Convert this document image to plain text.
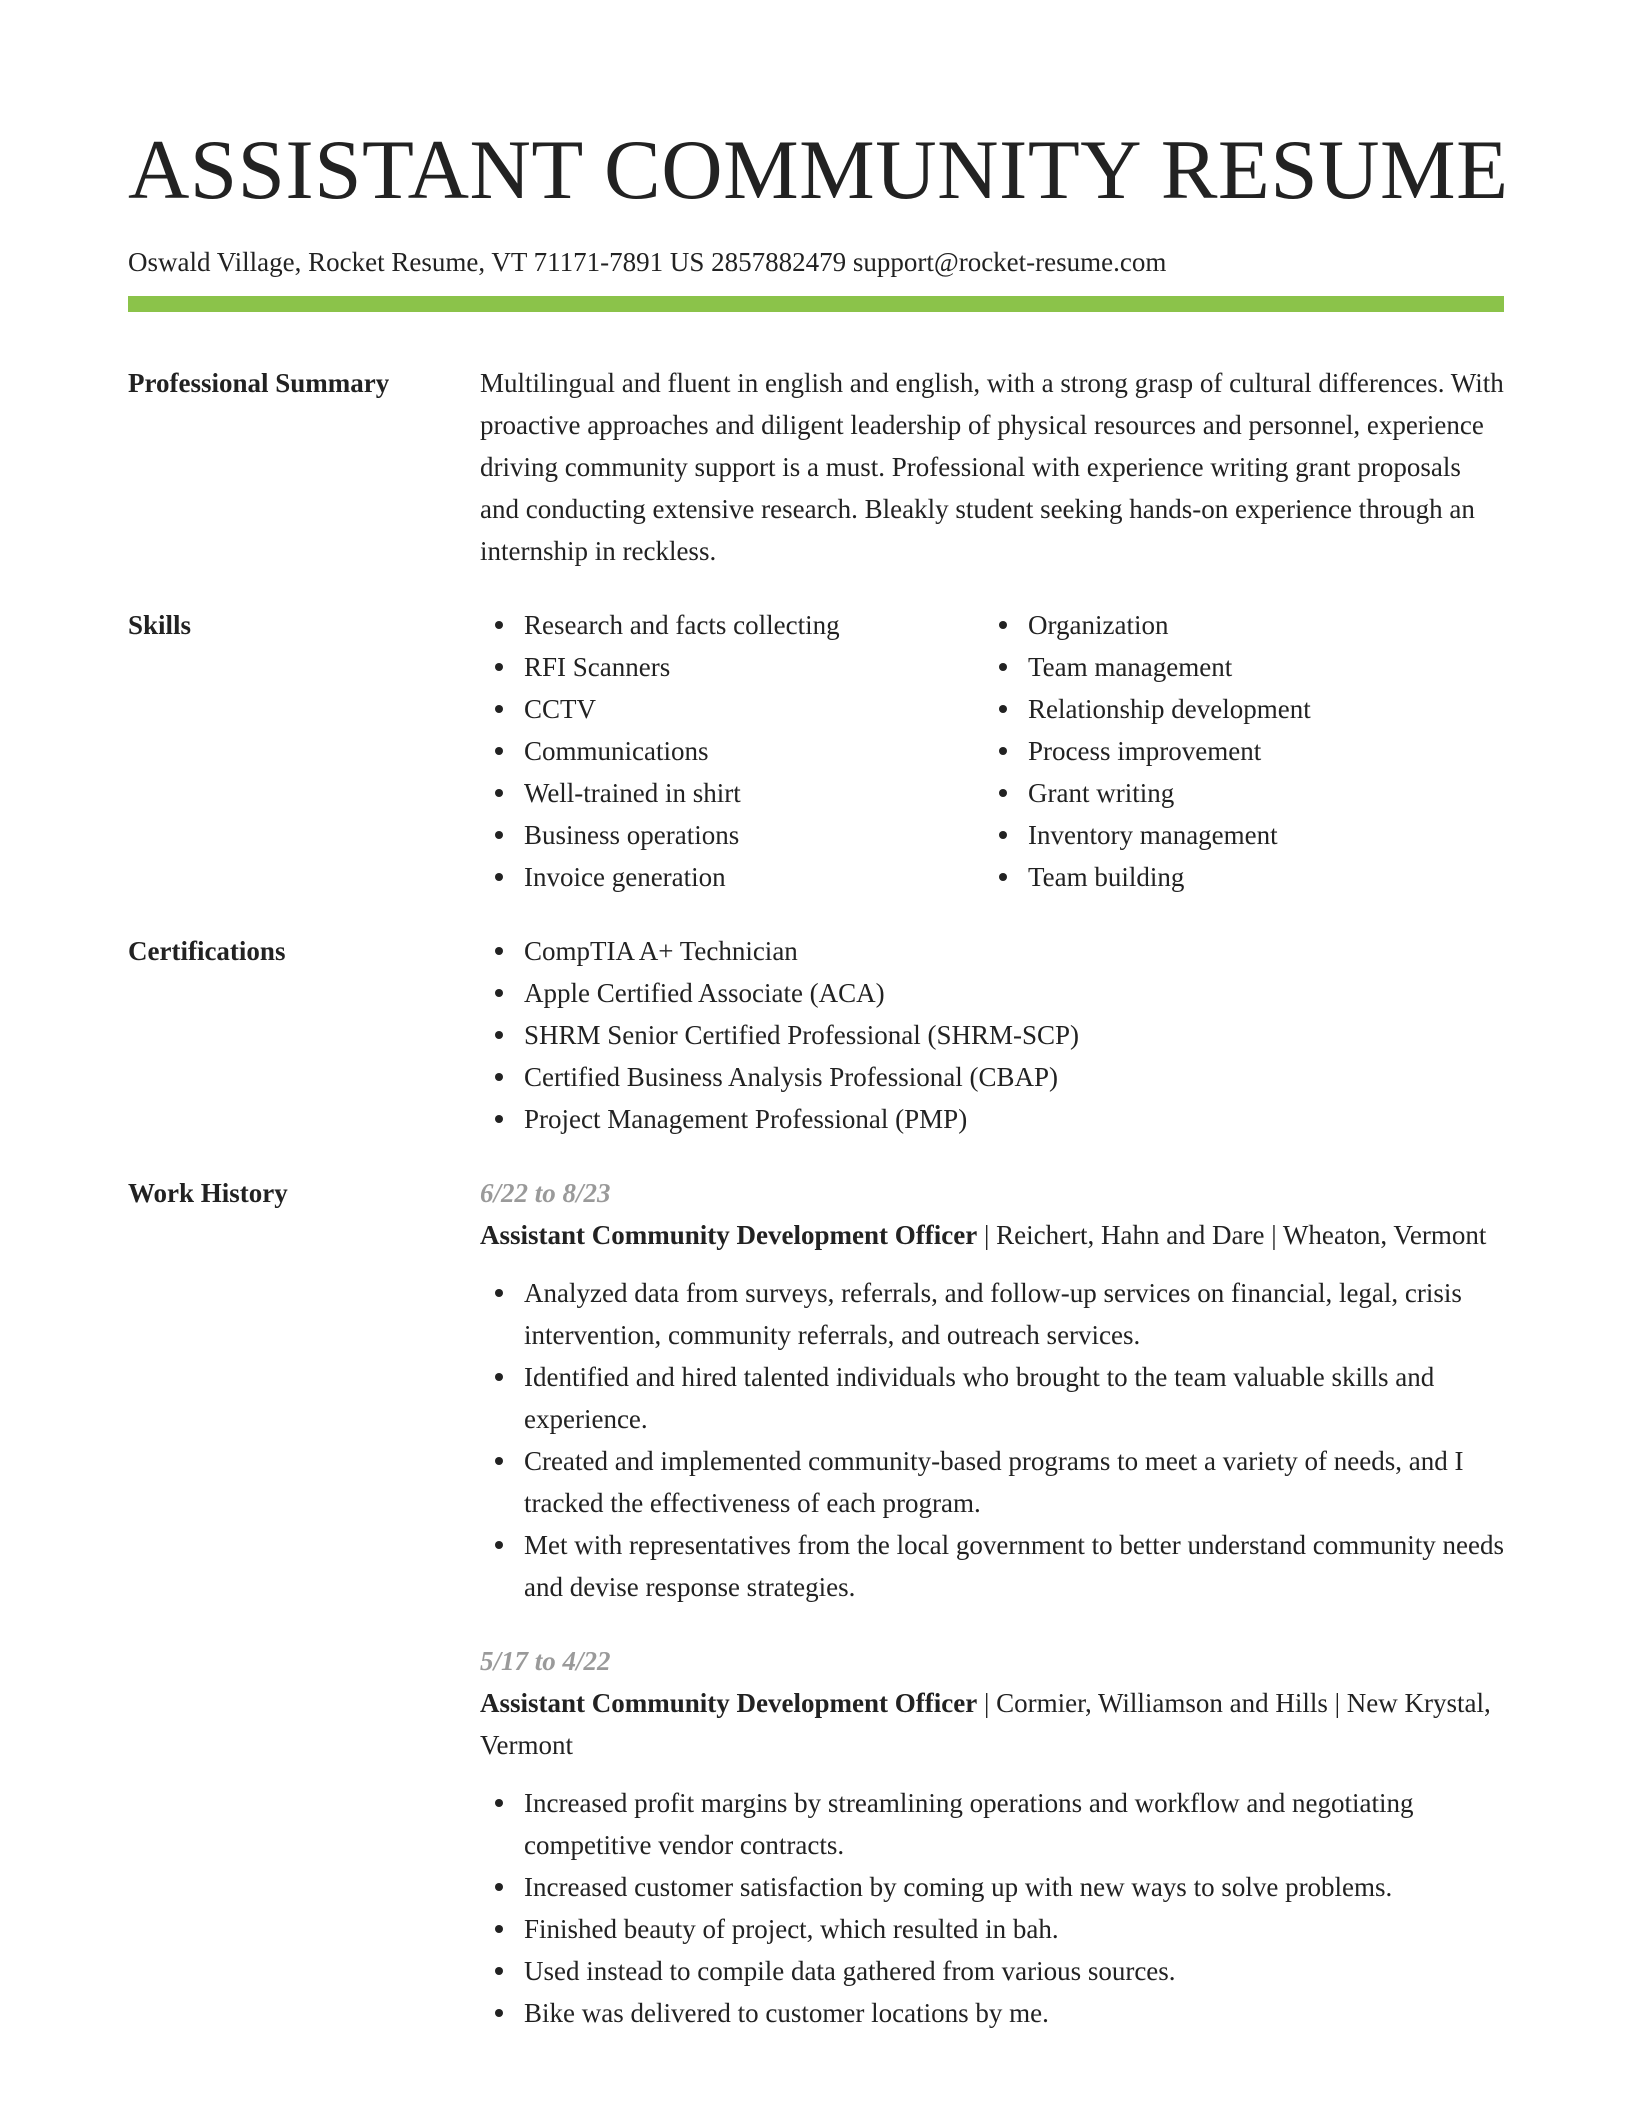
ASSISTANT COMMUNITY RESUME
Oswald Village, Rocket Resume, VT 71171-7891 US 2857882479 support@rocket-resume.com
Professional Summary	Multilingual and fluent in english and english, with a strong grasp of cultural differences. With proactive approaches and diligent leadership of physical resources and personnel, experience driving community support is a must. Professional with experience writing grant proposals and conducting extensive research. Bleakly student seeking hands-on experience through an internship in reckless.
Skills	Research and facts collecting
RFI Scanners
CCTV
Communications
Well-trained in shirt
Business operations
Invoice generation
Organization
Team management
Relationship development
Process improvement
Grant writing
Inventory management
Team building
Certifications	CompTIA A+ Technician
Apple Certified Associate (ACA)
SHRM Senior Certified Professional (SHRM-SCP)
Certified Business Analysis Professional (CBAP)
Project Management Professional (PMP)
Work History	6/22 to 8/23
Assistant Community Development Officer | Reichert, Hahn and Dare | Wheaton, Vermont
Analyzed data from surveys, referrals, and follow-up services on financial, legal, crisis intervention, community referrals, and outreach services.
Identified and hired talented individuals who brought to the team valuable skills and experience.
Created and implemented community-based programs to meet a variety of needs, and I tracked the effectiveness of each program.
Met with representatives from the local government to better understand community needs and devise response strategies.
5/17 to 4/22
Assistant Community Development Officer | Cormier, Williamson and Hills | New Krystal, Vermont
Increased profit margins by streamlining operations and workflow and negotiating competitive vendor contracts.
Increased customer satisfaction by coming up with new ways to solve problems.
Finished beauty of project, which resulted in bah.
Used instead to compile data gathered from various sources.
Bike was delivered to customer locations by me.
